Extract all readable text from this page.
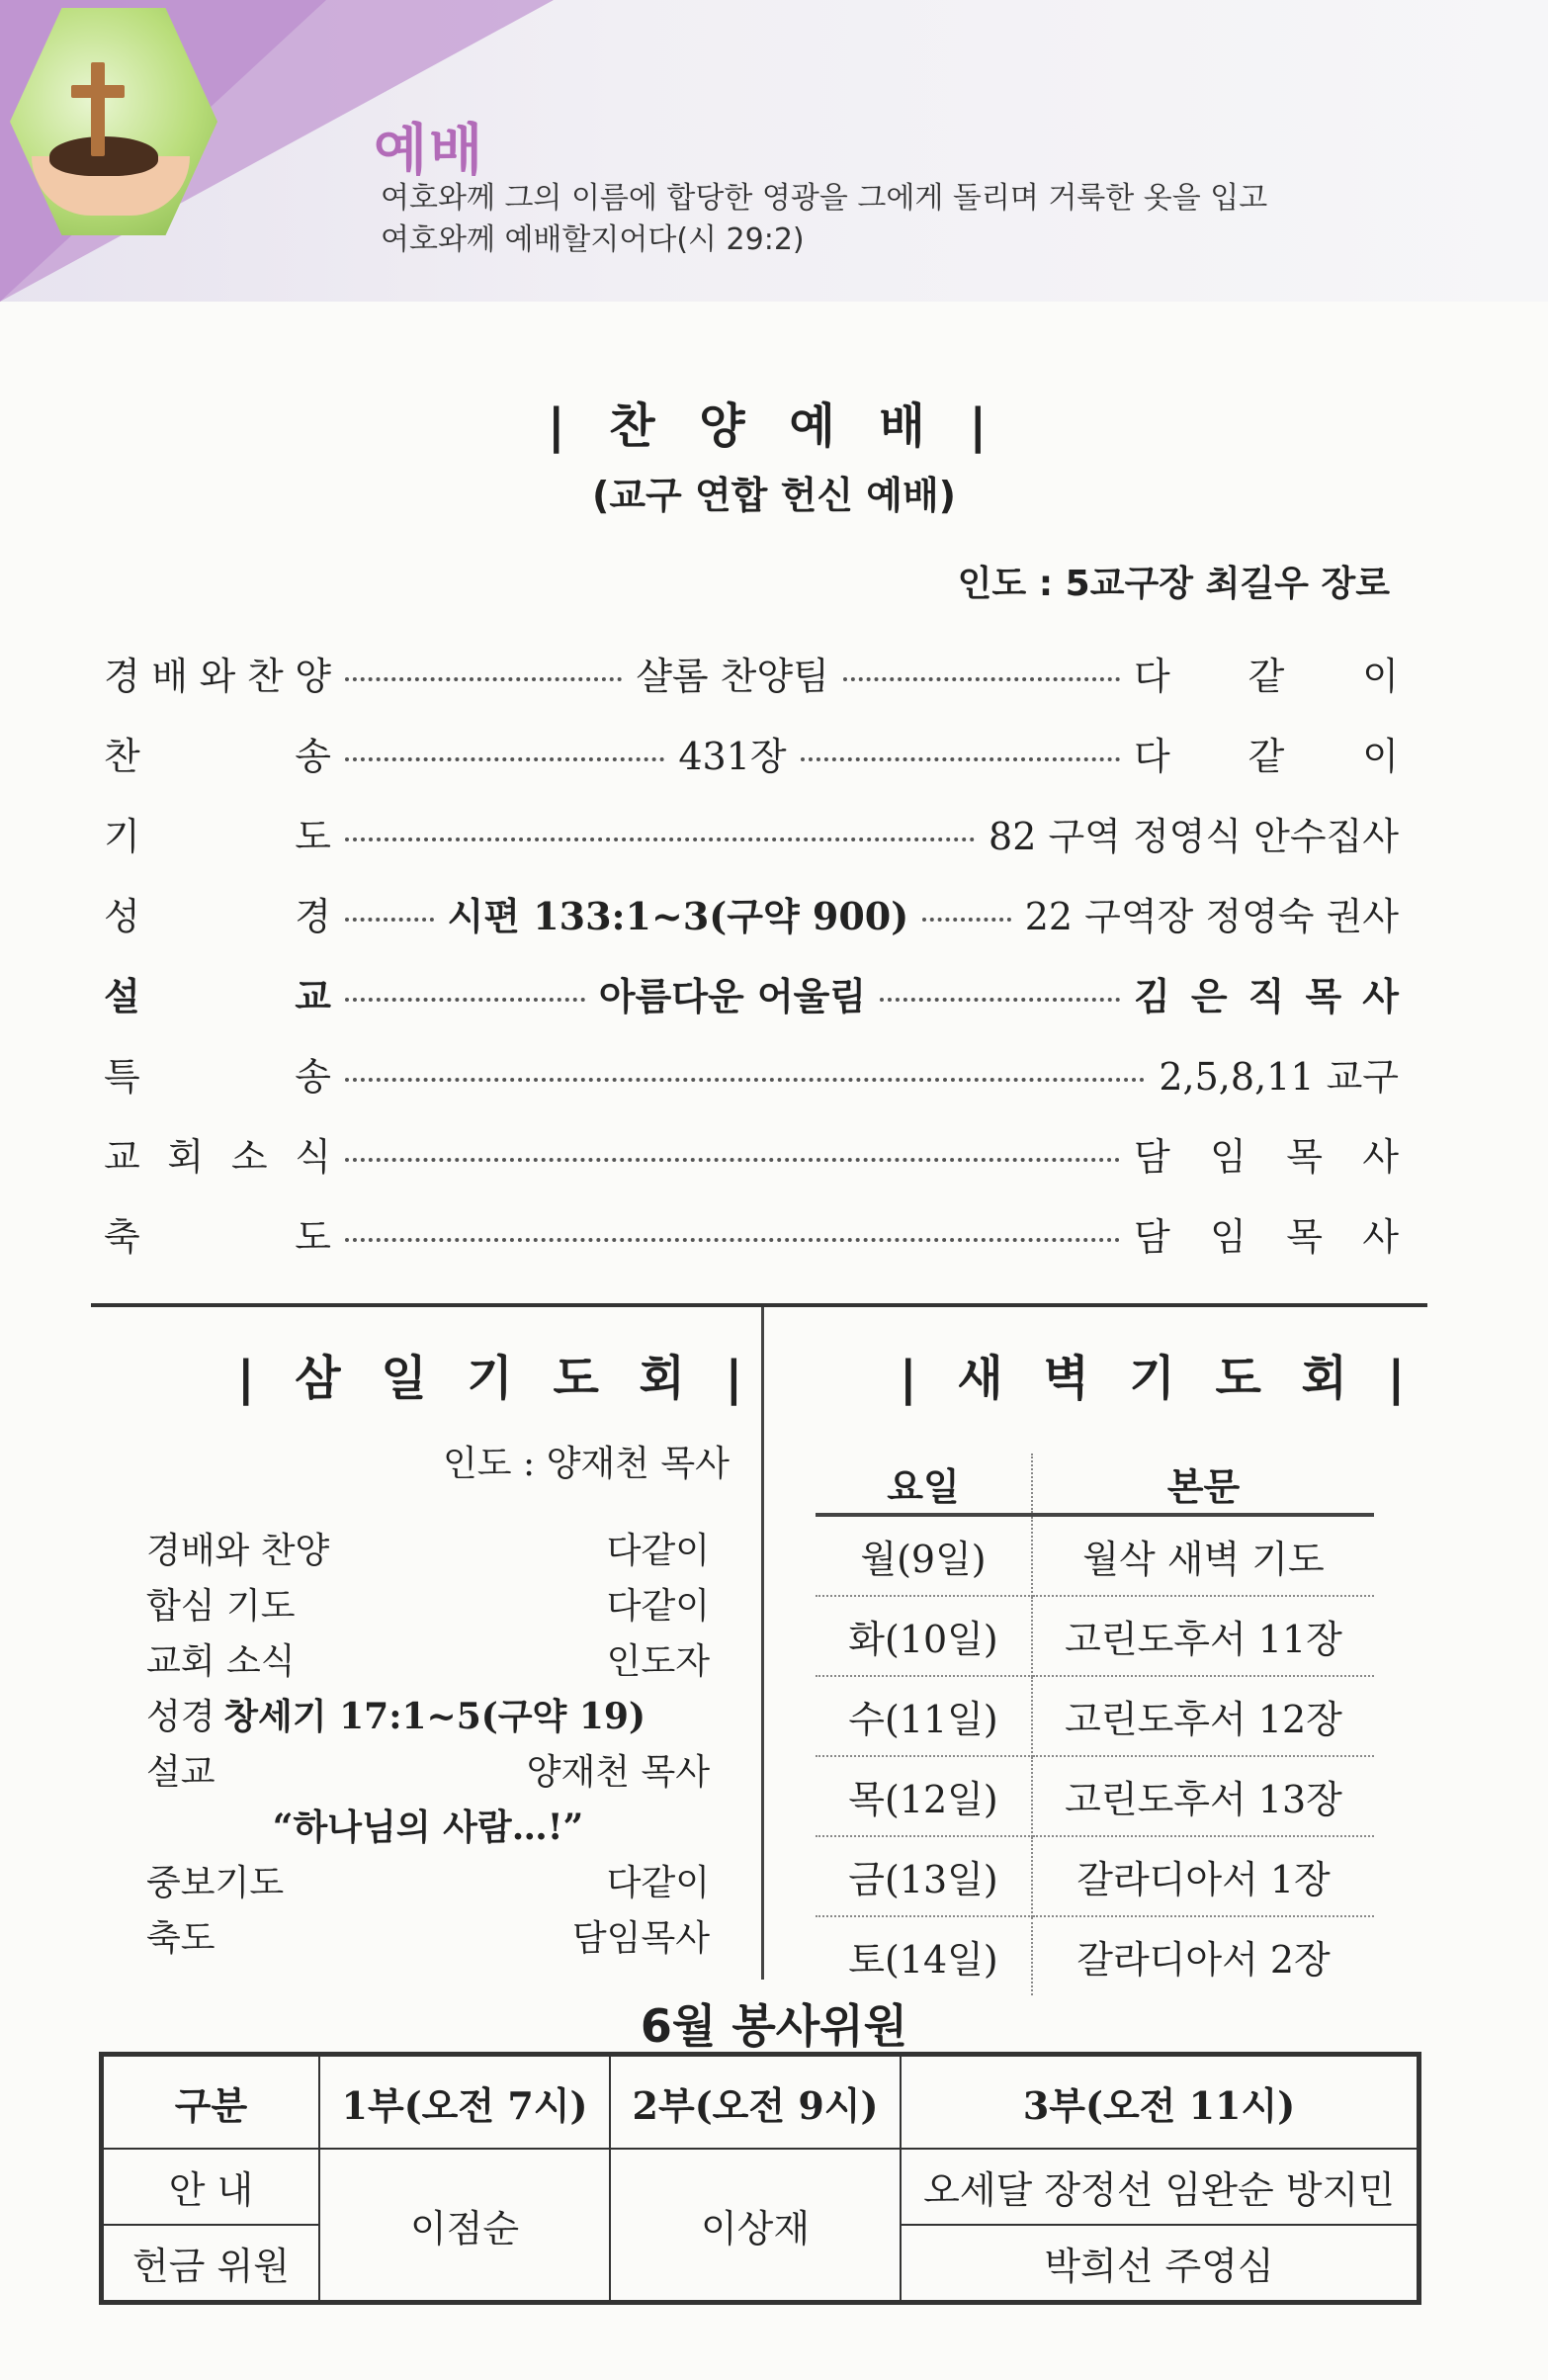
예배
여호와께 그의 이름에 합당한 영광을 그에게 돌리며 거룩한 옷을 입고
여호와께 예배할지어다(시 29:2)
| 찬 양 예 배 |
(교구 연합 헌신 예배)
인도 : 5교구장 최길우 장로
경 배 와 찬 양	샬롬 찬양팀	다 같 이
찬	송	431장	다 같 이
기	도	82 구역 정영식 안수집사
성	경	시편 133:1~3(구약 900)	22 구역장 정영숙 권사
설	교	아름다운 어울림	김 은 직 목 사
특	송	2,5,8,11 교구
교 회 소 식	담 임 목 사
축	도	담 임 목 사
| 삼 일 기 도 회 |
인도 : 양재천 목사
경배와 찬양	다같이
합심 기도	다같이
교회 소식	인도자
성경 창세기 17:1~5(구약 19)
설교	양재천 목사
“하나님의 사람…!”
중보기도	다같이
축도	담임목사
| 새 벽 기 도 회 |
요일	본문
월(9일)	월삭 새벽 기도
화(10일)	고린도후서 11장
수(11일)	고린도후서 12장
목(12일)	고린도후서 13장
금(13일)	갈라디아서 1장
토(14일)	갈라디아서 2장
6월 봉사위원
구분	1부(오전 7시)	2부(오전 9시)	3부(오전 11시)
안 내	이점순	이상재	오세달 장정선 임완순 방지민
헌금 위원			박희선 주영심
